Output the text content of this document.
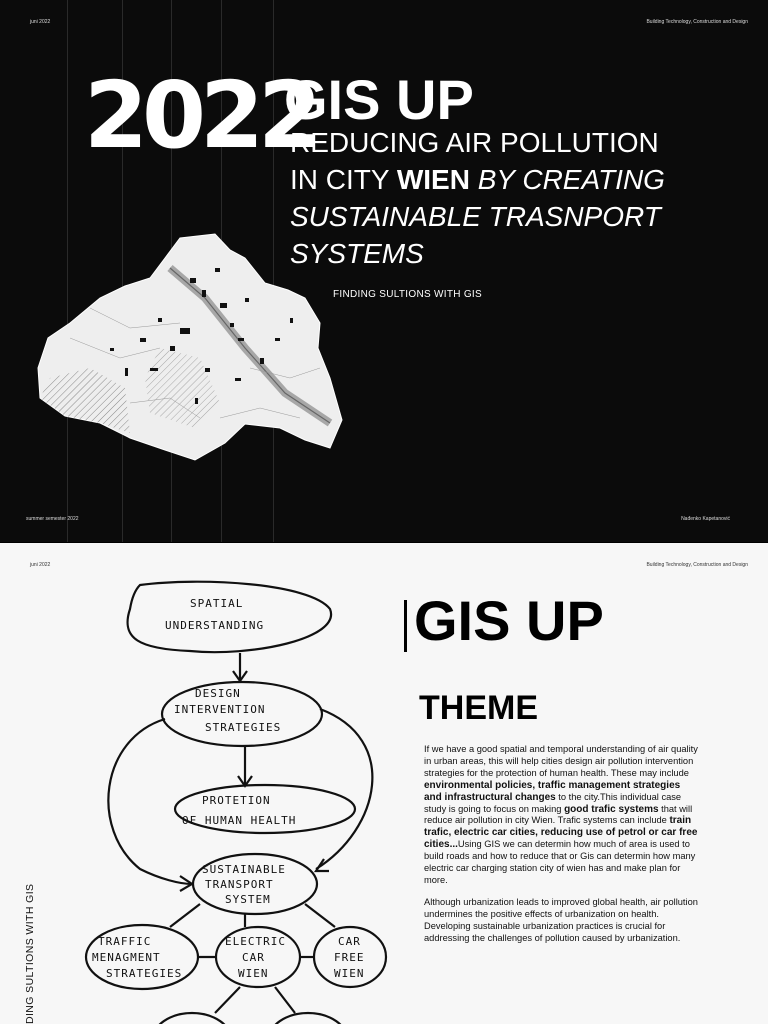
juni 2022	Building Technology, Construction and Design
2022
GIS UP
REDUCING AIR POLLUTION
IN CITY WIEN BY CREATING
SUSTAINABLE TRASNPORT
SYSTEMS
FINDING SULTIONS WITH GIS
summer semester 2022	Nađenko Kapetanović
juni 2022	Building Technology, Construction and Design
GIS UP
THEME

If we have a good spatial and temporal understanding of air quality in urban areas, this will help cities design air pollution intervention strategies for the protection of human health. These may include environmental policies, traffic management strategies and infrastructural changes to the city.This individual case study is going to focus on making good trafic systems that will reduce air pollution in city Wien. Trafic systems can include train trafic, electric car cities, reducing use of petrol or car free cities...Using GIS we can determin how much of area is used to build roads and how to reduce that or Gis can determin how many electric car charging station city of wien has and make plan for more.

Although urbanization leads to improved global health, air pollution undermines the positive effects of urbanization on health. Developing sustainable urbanization practices is crucial for addressing the challenges of pollution caused by urbanization.

DING SULTIONS WITH GIS
SPATIAL
UNDERSTANDING
DESIGN
INTERVENTION
STRATEGIES
PROTETION
OF HUMAN HEALTH
SUSTAINABLE
TRANSPORT
SYSTEM
TRAFFIC
MENAGMENT
STRATEGIES
ELECTRIC
CAR
WIEN
CAR
FREE
WIEN
